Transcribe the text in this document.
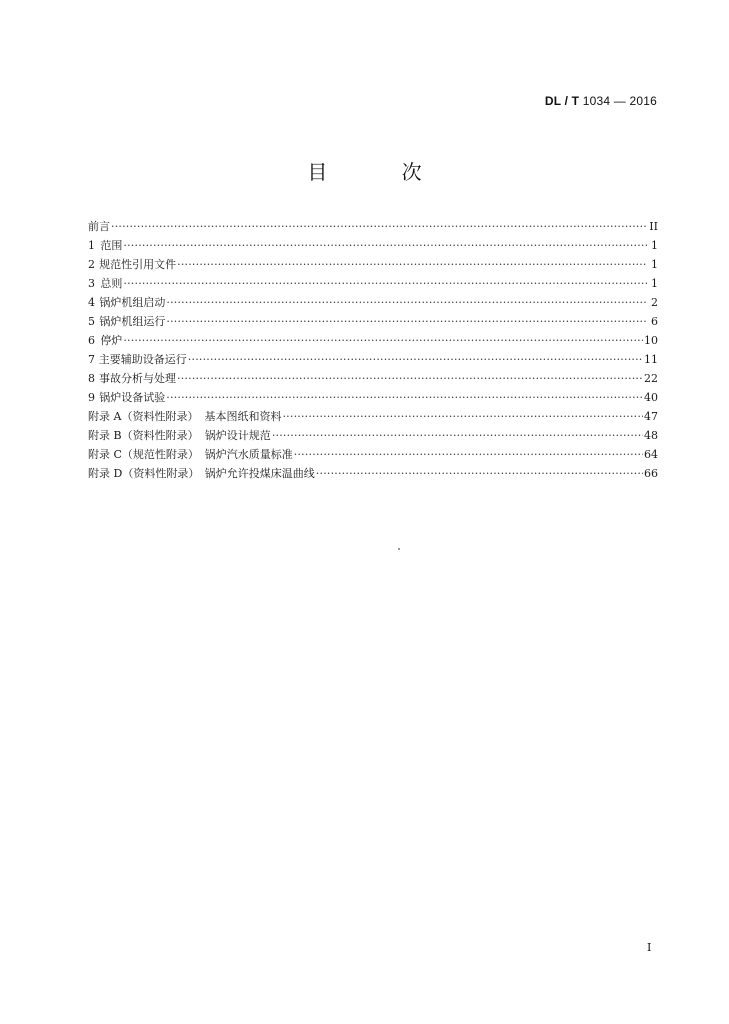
DL / T 1034 — 2016
目 次
前言 ·····	II
1 范围 ·····	1
2 规范性引用文件 ·····	1
3 总则 ·····	1
4 锅炉机组启动 ·····	2
5 锅炉机组运行 ·····	6
6 停炉 ·····	10
7 主要辅助设备运行 ·····	11
8 事故分析与处理 ·····	22
9 锅炉设备试验 ·····	40
附录 A（资料性附录） 基本图纸和资料 ·····	47
附录 B（资料性附录） 锅炉设计规范 ·····	48
附录 C（规范性附录） 锅炉汽水质量标准 ·····	64
附录 D（资料性附录） 锅炉允许投煤床温曲线 ·····	66
I
